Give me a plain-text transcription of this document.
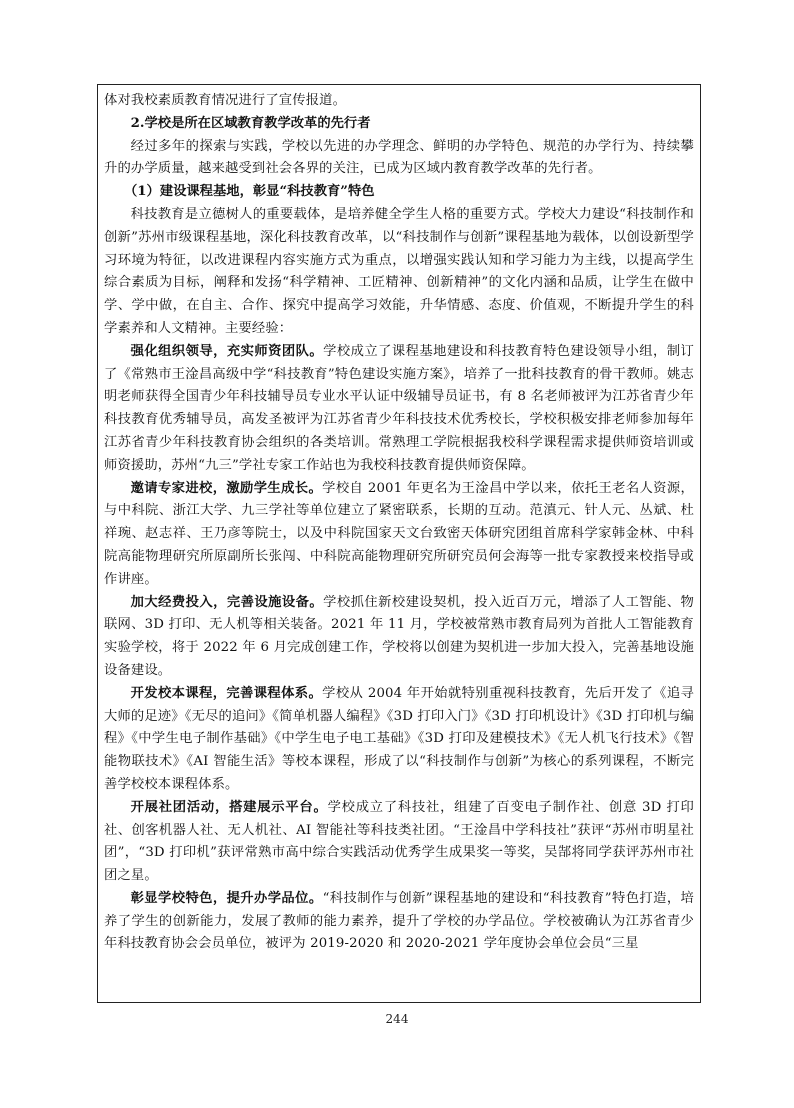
体对我校素质教育情况进行了宣传报道。

2.学校是所在区域教育教学改革的先行者

经过多年的探索与实践，学校以先进的办学理念、鲜明的办学特色、规范的办学行为、持续攀升的办学质量，越来越受到社会各界的关注，已成为区域内教育教学改革的先行者。

（1）建设课程基地，彰显“科技教育”特色

科技教育是立德树人的重要载体，是培养健全学生人格的重要方式。学校大力建设“科技制作和创新”苏州市级课程基地，深化科技教育改革，以“科技制作与创新”课程基地为载体，以创设新型学习环境为特征，以改进课程内容实施方式为重点，以增强实践认知和学习能力为主线，以提高学生综合素质为目标，阐释和发扬“科学精神、工匠精神、创新精神”的文化内涵和品质，让学生在做中学、学中做，在自主、合作、探究中提高学习效能，升华情感、态度、价值观，不断提升学生的科学素养和人文精神。主要经验：

强化组织领导，充实师资团队。学校成立了课程基地建设和科技教育特色建设领导小组，制订了《常熟市王淦昌高级中学“科技教育”特色建设实施方案》，培养了一批科技教育的骨干教师。姚志明老师获得全国青少年科技辅导员专业水平认证中级辅导员证书，有 8 名老师被评为江苏省青少年科技教育优秀辅导员，高发圣被评为江苏省青少年科技技术优秀校长，学校积极安排老师参加每年江苏省青少年科技教育协会组织的各类培训。常熟理工学院根据我校科学课程需求提供师资培训或师资援助，苏州“九三”学社专家工作站也为我校科技教育提供师资保障。

邀请专家进校，激励学生成长。学校自 2001 年更名为王淦昌中学以来，依托王老名人资源，与中科院、浙江大学、九三学社等单位建立了紧密联系，长期的互动。范滇元、针人元、丛斌、杜祥琬、赵志祥、王乃彦等院士，以及中科院国家天文台致密天体研究团组首席科学家韩金林、中科院高能物理研究所原副所长张闯、中科院高能物理研究所研究员何会海等一批专家教授来校指导或作讲座。

加大经费投入，完善设施设备。学校抓住新校建设契机，投入近百万元，增添了人工智能、物联网、3D 打印、无人机等相关装备。2021 年 11 月，学校被常熟市教育局列为首批人工智能教育实验学校，将于 2022 年 6 月完成创建工作，学校将以创建为契机进一步加大投入，完善基地设施设备建设。

开发校本课程，完善课程体系。学校从 2004 年开始就特别重视科技教育，先后开发了《追寻大师的足迹》《无尽的追问》《简单机器人编程》《3D 打印入门》《3D 打印机设计》《3D 打印机与编程》《中学生电子制作基础》《中学生电子电工基础》《3D 打印及建模技术》《无人机飞行技术》《智能物联技术》《AI 智能生活》等校本课程，形成了以“科技制作与创新”为核心的系列课程，不断完善学校校本课程体系。

开展社团活动，搭建展示平台。学校成立了科技社，组建了百变电子制作社、创意 3D 打印社、创客机器人社、无人机社、AI 智能社等科技类社团。“王淦昌中学科技社”获评“苏州市明星社团”，“3D 打印机”获评常熟市高中综合实践活动优秀学生成果奖一等奖，吴郜将同学获评苏州市社团之星。

彰显学校特色，提升办学品位。“科技制作与创新”课程基地的建设和“科技教育”特色打造，培养了学生的创新能力，发展了教师的能力素养，提升了学校的办学品位。学校被确认为江苏省青少年科技教育协会会员单位，被评为 2019-2020 和 2020-2021 学年度协会单位会员“三星

244
